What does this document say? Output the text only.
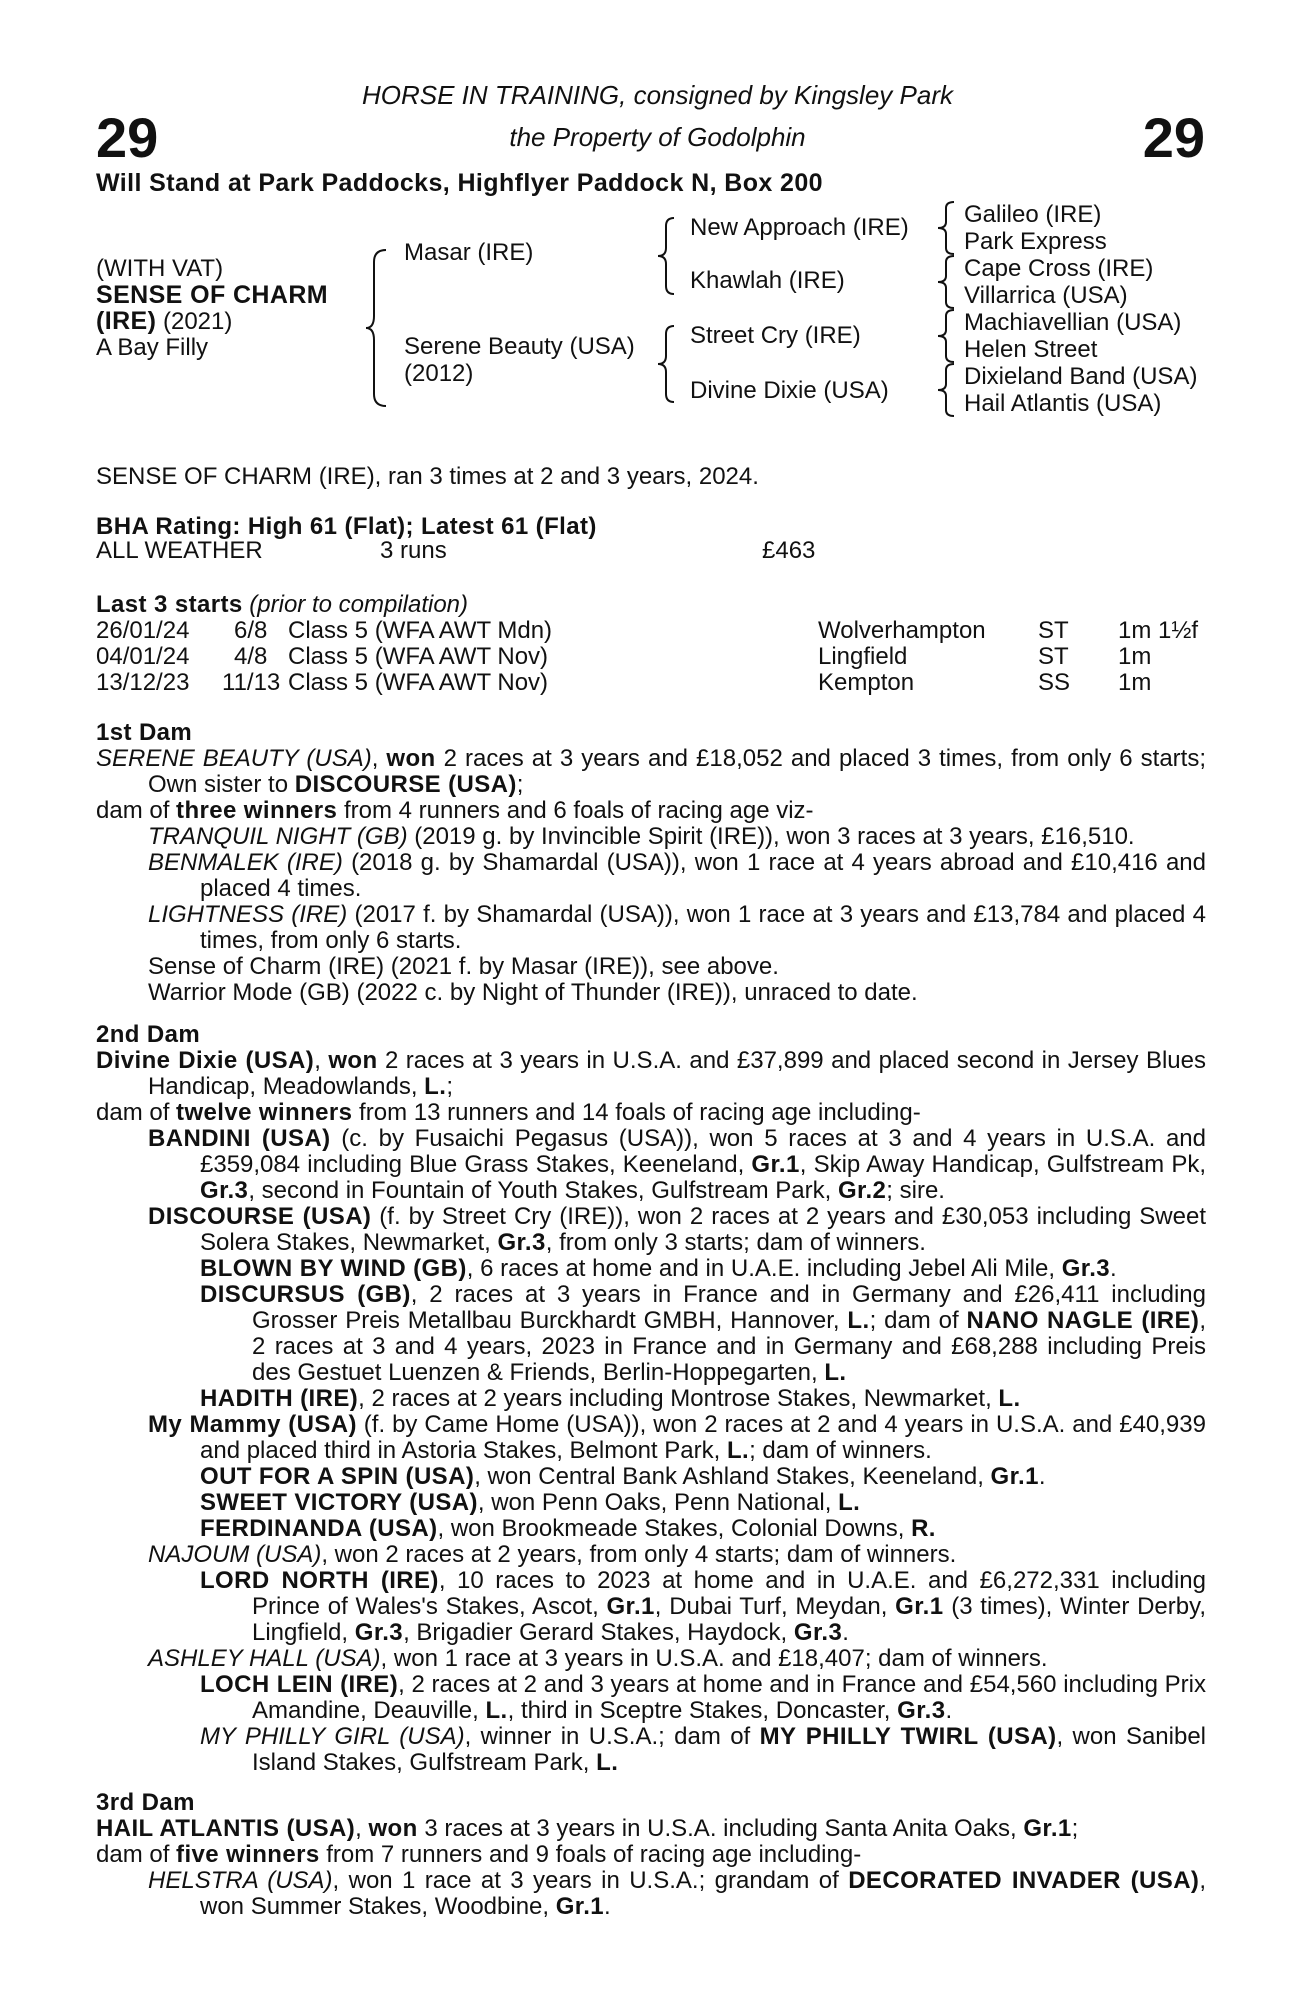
29	29
HORSE IN TRAINING, consigned by Kingsley Park
the Property of Godolphin
Will Stand at Park Paddocks, Highflyer Paddock N, Box 200
(WITH VAT)
SENSE OF CHARM
(IRE) (2021)
A Bay Filly
Masar (IRE)
Serene Beauty (USA)
(2012)
New Approach (IRE)
Khawlah (IRE)
Street Cry (IRE)
Divine Dixie (USA)
Galileo (IRE)
Park Express
Cape Cross (IRE)
Villarrica (USA)
Machiavellian (USA)
Helen Street
Dixieland Band (USA)
Hail Atlantis (USA)
SENSE OF CHARM (IRE), ran 3 times at 2 and 3 years, 2024.
BHA Rating: High 61 (Flat); Latest 61 (Flat)
ALL WEATHER	3 runs	£463
Last 3 starts (prior to compilation)
26/01/24 6/8 Class 5 (WFA AWT Mdn)	Wolverhampton ST 1m 1½f
04/01/24 4/8 Class 5 (WFA AWT Nov)	Lingfield	ST 1m
13/12/23 11/13 Class 5 (WFA AWT Nov)	Kempton	SS 1m
1st Dam
SERENE BEAUTY (USA), won 2 races at 3 years and £18,052 and placed 3 times, from only 6 starts; Own sister to DISCOURSE (USA);
dam of three winners from 4 runners and 6 foals of racing age viz-
TRANQUIL NIGHT (GB) (2019 g. by Invincible Spirit (IRE)), won 3 races at 3 years, £16,510.
BENMALEK (IRE) (2018 g. by Shamardal (USA)), won 1 race at 4 years abroad and £10,416 and placed 4 times.
LIGHTNESS (IRE) (2017 f. by Shamardal (USA)), won 1 race at 3 years and £13,784 and placed 4 times, from only 6 starts.
Sense of Charm (IRE) (2021 f. by Masar (IRE)), see above.
Warrior Mode (GB) (2022 c. by Night of Thunder (IRE)), unraced to date.
2nd Dam
Divine Dixie (USA), won 2 races at 3 years in U.S.A. and £37,899 and placed second in Jersey Blues Handicap, Meadowlands, L.;
dam of twelve winners from 13 runners and 14 foals of racing age including-
BANDINI (USA) (c. by Fusaichi Pegasus (USA)), won 5 races at 3 and 4 years in U.S.A. and £359,084 including Blue Grass Stakes, Keeneland, Gr.1, Skip Away Handicap, Gulfstream Pk, Gr.3, second in Fountain of Youth Stakes, Gulfstream Park, Gr.2; sire.
DISCOURSE (USA) (f. by Street Cry (IRE)), won 2 races at 2 years and £30,053 including Sweet Solera Stakes, Newmarket, Gr.3, from only 3 starts; dam of winners.
BLOWN BY WIND (GB), 6 races at home and in U.A.E. including Jebel Ali Mile, Gr.3.
DISCURSUS (GB), 2 races at 3 years in France and in Germany and £26,411 including Grosser Preis Metallbau Burckhardt GMBH, Hannover, L.; dam of NANO NAGLE (IRE), 2 races at 3 and 4 years, 2023 in France and in Germany and £68,288 including Preis des Gestuet Luenzen & Friends, Berlin-Hoppegarten, L.
HADITH (IRE), 2 races at 2 years including Montrose Stakes, Newmarket, L.
My Mammy (USA) (f. by Came Home (USA)), won 2 races at 2 and 4 years in U.S.A. and £40,939 and placed third in Astoria Stakes, Belmont Park, L.; dam of winners.
OUT FOR A SPIN (USA), won Central Bank Ashland Stakes, Keeneland, Gr.1.
SWEET VICTORY (USA), won Penn Oaks, Penn National, L.
FERDINANDA (USA), won Brookmeade Stakes, Colonial Downs, R.
NAJOUM (USA), won 2 races at 2 years, from only 4 starts; dam of winners.
LORD NORTH (IRE), 10 races to 2023 at home and in U.A.E. and £6,272,331 including Prince of Wales's Stakes, Ascot, Gr.1, Dubai Turf, Meydan, Gr.1 (3 times), Winter Derby, Lingfield, Gr.3, Brigadier Gerard Stakes, Haydock, Gr.3.
ASHLEY HALL (USA), won 1 race at 3 years in U.S.A. and £18,407; dam of winners.
LOCH LEIN (IRE), 2 races at 2 and 3 years at home and in France and £54,560 including Prix Amandine, Deauville, L., third in Sceptre Stakes, Doncaster, Gr.3.
MY PHILLY GIRL (USA), winner in U.S.A.; dam of MY PHILLY TWIRL (USA), won Sanibel Island Stakes, Gulfstream Park, L.
3rd Dam
HAIL ATLANTIS (USA), won 3 races at 3 years in U.S.A. including Santa Anita Oaks, Gr.1;
dam of five winners from 7 runners and 9 foals of racing age including-
HELSTRA (USA), won 1 race at 3 years in U.S.A.; grandam of DECORATED INVADER (USA), won Summer Stakes, Woodbine, Gr.1.
